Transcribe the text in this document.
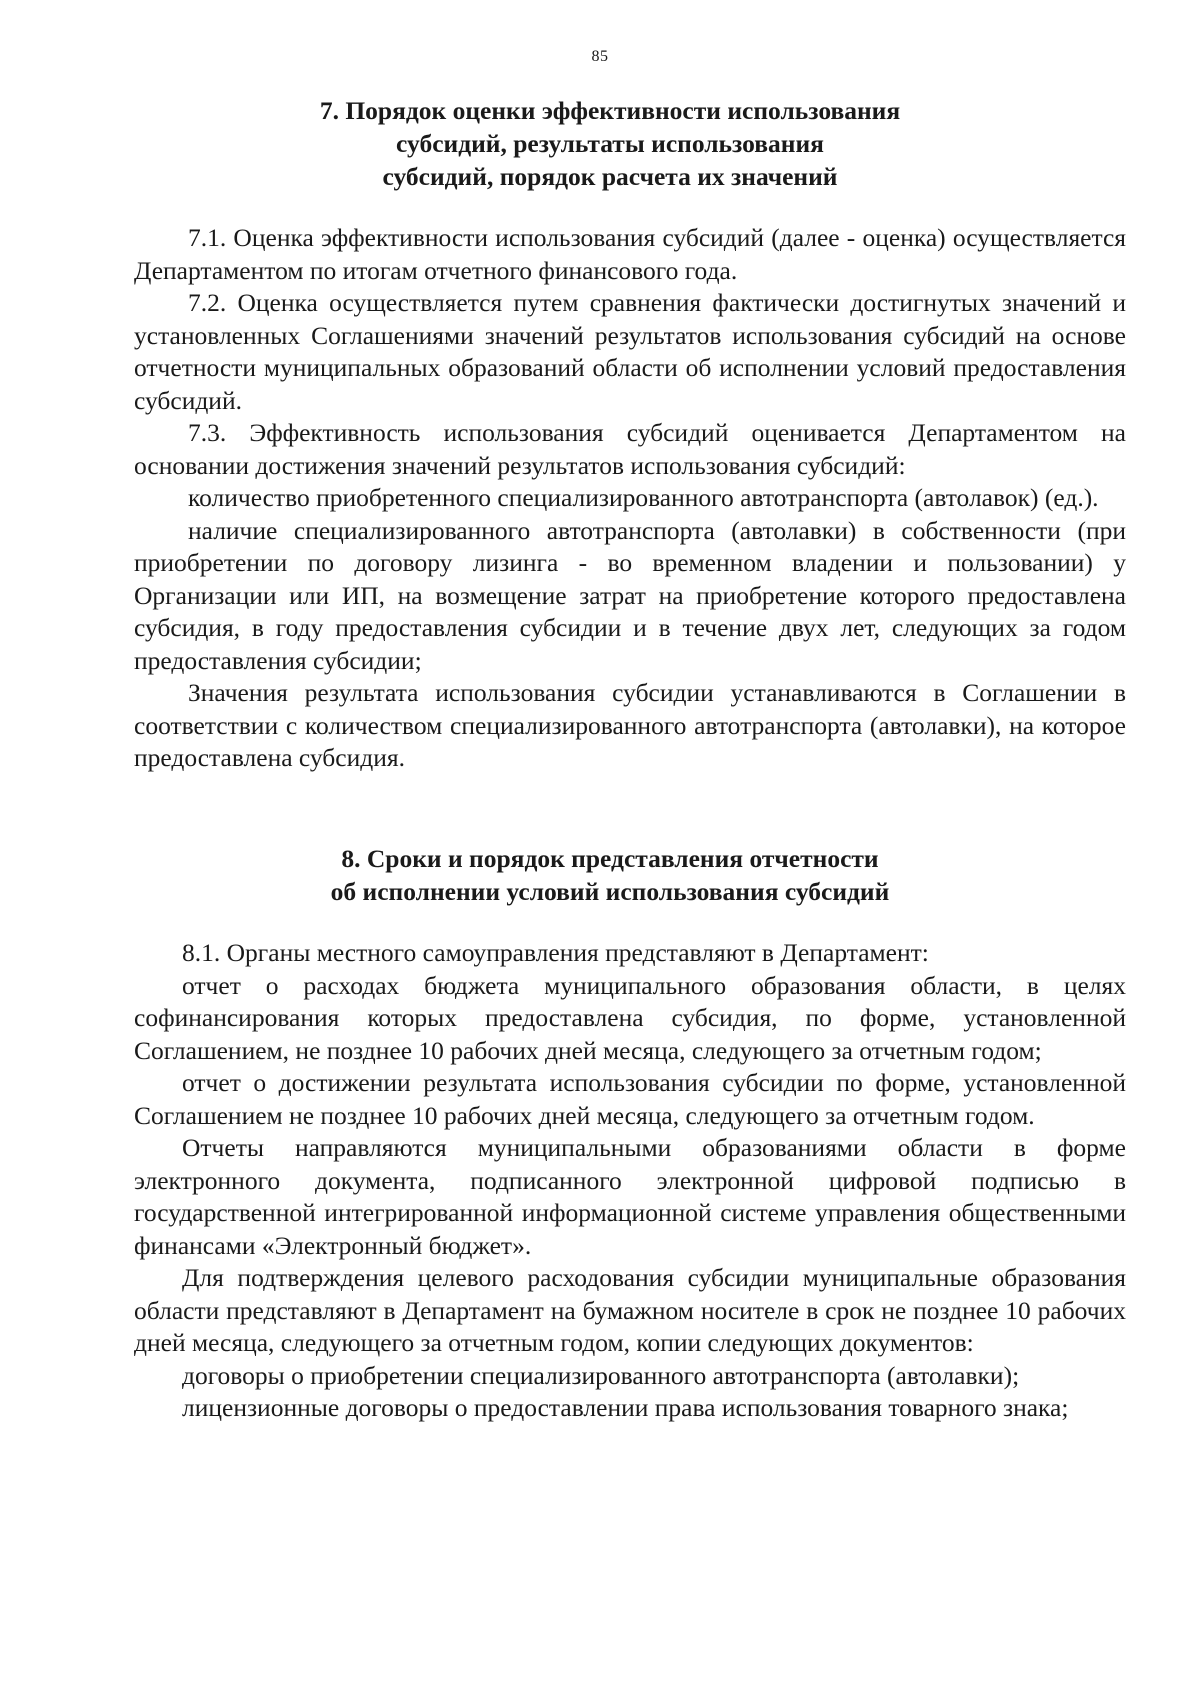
85
7. Порядок оценки эффективности использования
субсидий, результаты использования
субсидий, порядок расчета их значений

7.1. Оценка эффективности использования субсидий (далее - оценка) осуществляется Департаментом по итогам отчетного финансового года.

7.2. Оценка осуществляется путем сравнения фактически достигнутых значений и установленных Соглашениями значений результатов использования субсидий на основе отчетности муниципальных образований области об исполнении условий предоставления субсидий.

7.3. Эффективность использования субсидий оценивается Департаментом на основании достижения значений результатов использования субсидий:

количество приобретенного специализированного автотранспорта (автолавок) (ед.).

наличие специализированного автотранспорта (автолавки) в собственности (при приобретении по договору лизинга - во временном владении и пользовании) у Организации или ИП, на возмещение затрат на приобретение которого предоставлена субсидия, в году предоставления субсидии и в течение двух лет, следующих за годом предоставления субсидии;

Значения результата использования субсидии устанавливаются в Соглашении в соответствии с количеством специализированного автотранспорта (автолавки), на которое предоставлена субсидия.

8. Сроки и порядок представления отчетности
об исполнении условий использования субсидий

8.1. Органы местного самоуправления представляют в Департамент:

отчет о расходах бюджета муниципального образования области, в целях софинансирования которых предоставлена субсидия, по форме, установленной Соглашением, не позднее 10 рабочих дней месяца, следующего за отчетным годом;

отчет о достижении результата использования субсидии по форме, установленной Соглашением не позднее 10 рабочих дней месяца, следующего за отчетным годом.

Отчеты направляются муниципальными образованиями области в форме электронного документа, подписанного электронной цифровой подписью в государственной интегрированной информационной системе управления общественными финансами «Электронный бюджет».

Для подтверждения целевого расходования субсидии муниципальные образования области представляют в Департамент на бумажном носителе в срок не позднее 10 рабочих дней месяца, следующего за отчетным годом, копии следующих документов:

договоры о приобретении специализированного автотранспорта (автолавки);

лицензионные договоры о предоставлении права использования товарного знака;
